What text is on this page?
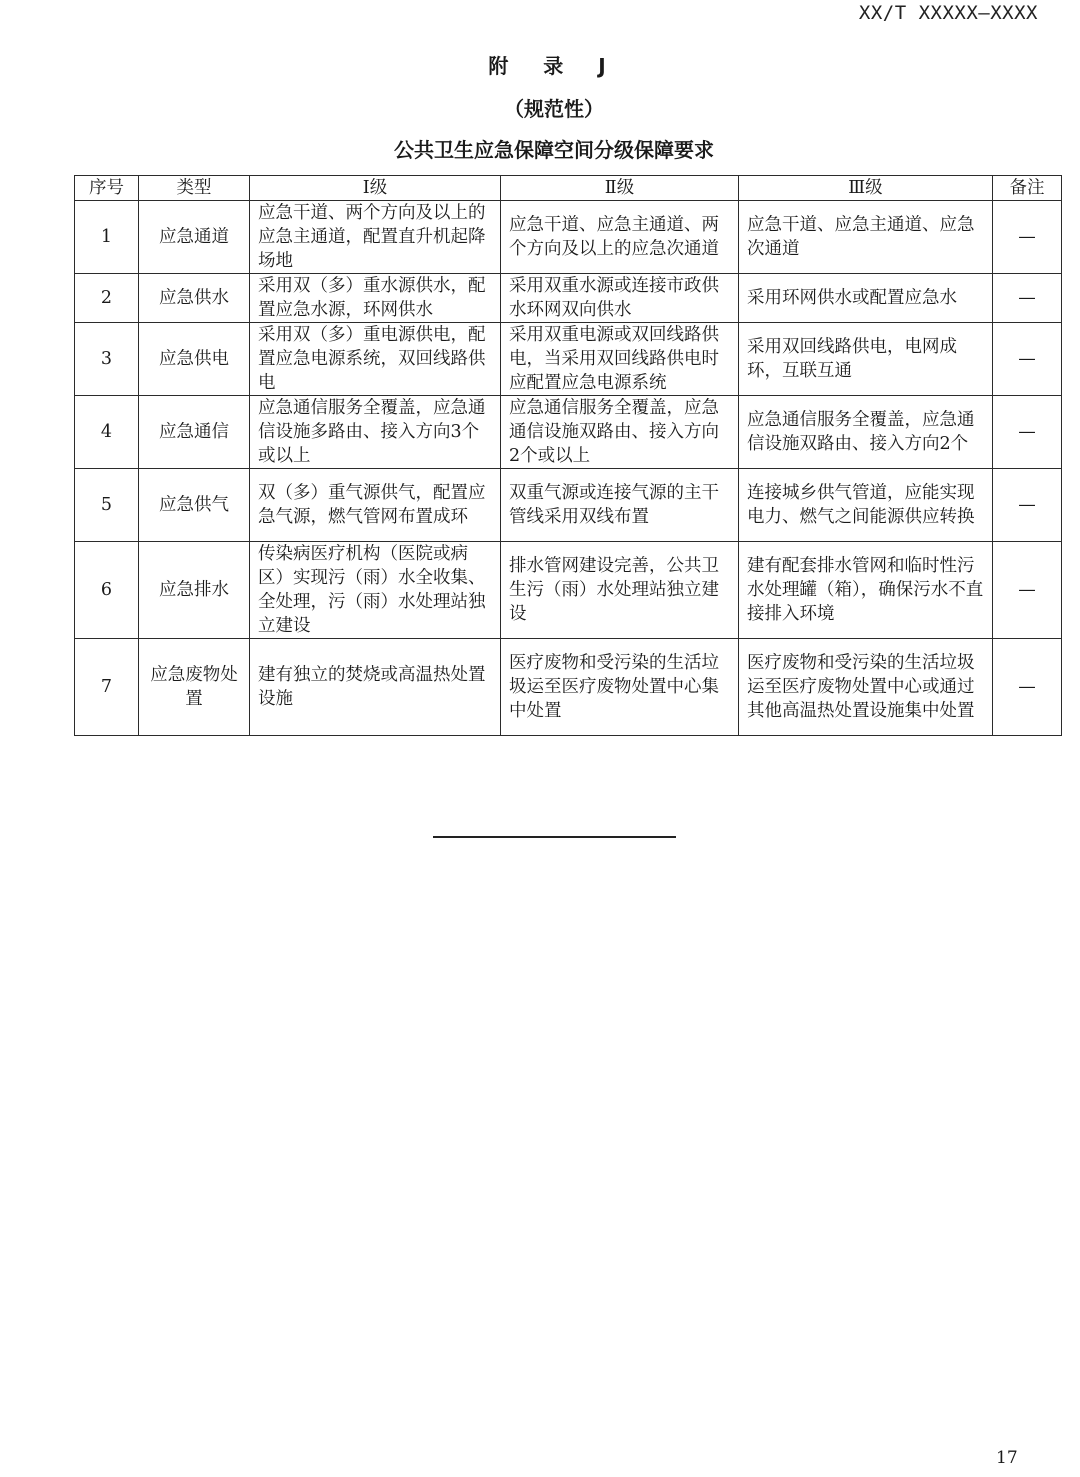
XX/T XXXXX—XXXX
附 录 J
（规范性）
公共卫生应急保障空间分级保障要求
序号	类型	Ⅰ级	Ⅱ级	Ⅲ级	备注
1	应急通道	应急干道、两个方向及以上的应急主通道，配置直升机起降场地	应急干道、应急主通道、两个方向及以上的应急次通道	应急干道、应急主通道、应急次通道	—
2	应急供水	采用双（多）重水源供水，配置应急水源，环网供水	采用双重水源或连接市政供水环网双向供水	采用环网供水或配置应急水	—
3	应急供电	采用双（多）重电源供电，配置应急电源系统，双回线路供电	采用双重电源或双回线路供电，当采用双回线路供电时应配置应急电源系统	采用双回线路供电，电网成环，互联互通	—
4	应急通信	应急通信服务全覆盖，应急通信设施多路由、接入方向3个或以上	应急通信服务全覆盖，应急通信设施双路由、接入方向2个或以上	应急通信服务全覆盖，应急通信设施双路由、接入方向2个	—
5	应急供气	双（多）重气源供气，配置应急气源，燃气管网布置成环	双重气源或连接气源的主干管线采用双线布置	连接城乡供气管道，应能实现电力、燃气之间能源供应转换	—
6	应急排水	传染病医疗机构（医院或病区）实现污（雨）水全收集、全处理，污（雨）水处理站独立建设	排水管网建设完善，公共卫生污（雨）水处理站独立建设	建有配套排水管网和临时性污水处理罐（箱），确保污水不直接排入环境	—
7	应急废物处置	建有独立的焚烧或高温热处置设施	医疗废物和受污染的生活垃圾运至医疗废物处置中心集中处置	医疗废物和受污染的生活垃圾运至医疗废物处置中心或通过其他高温热处置设施集中处置	—
17
